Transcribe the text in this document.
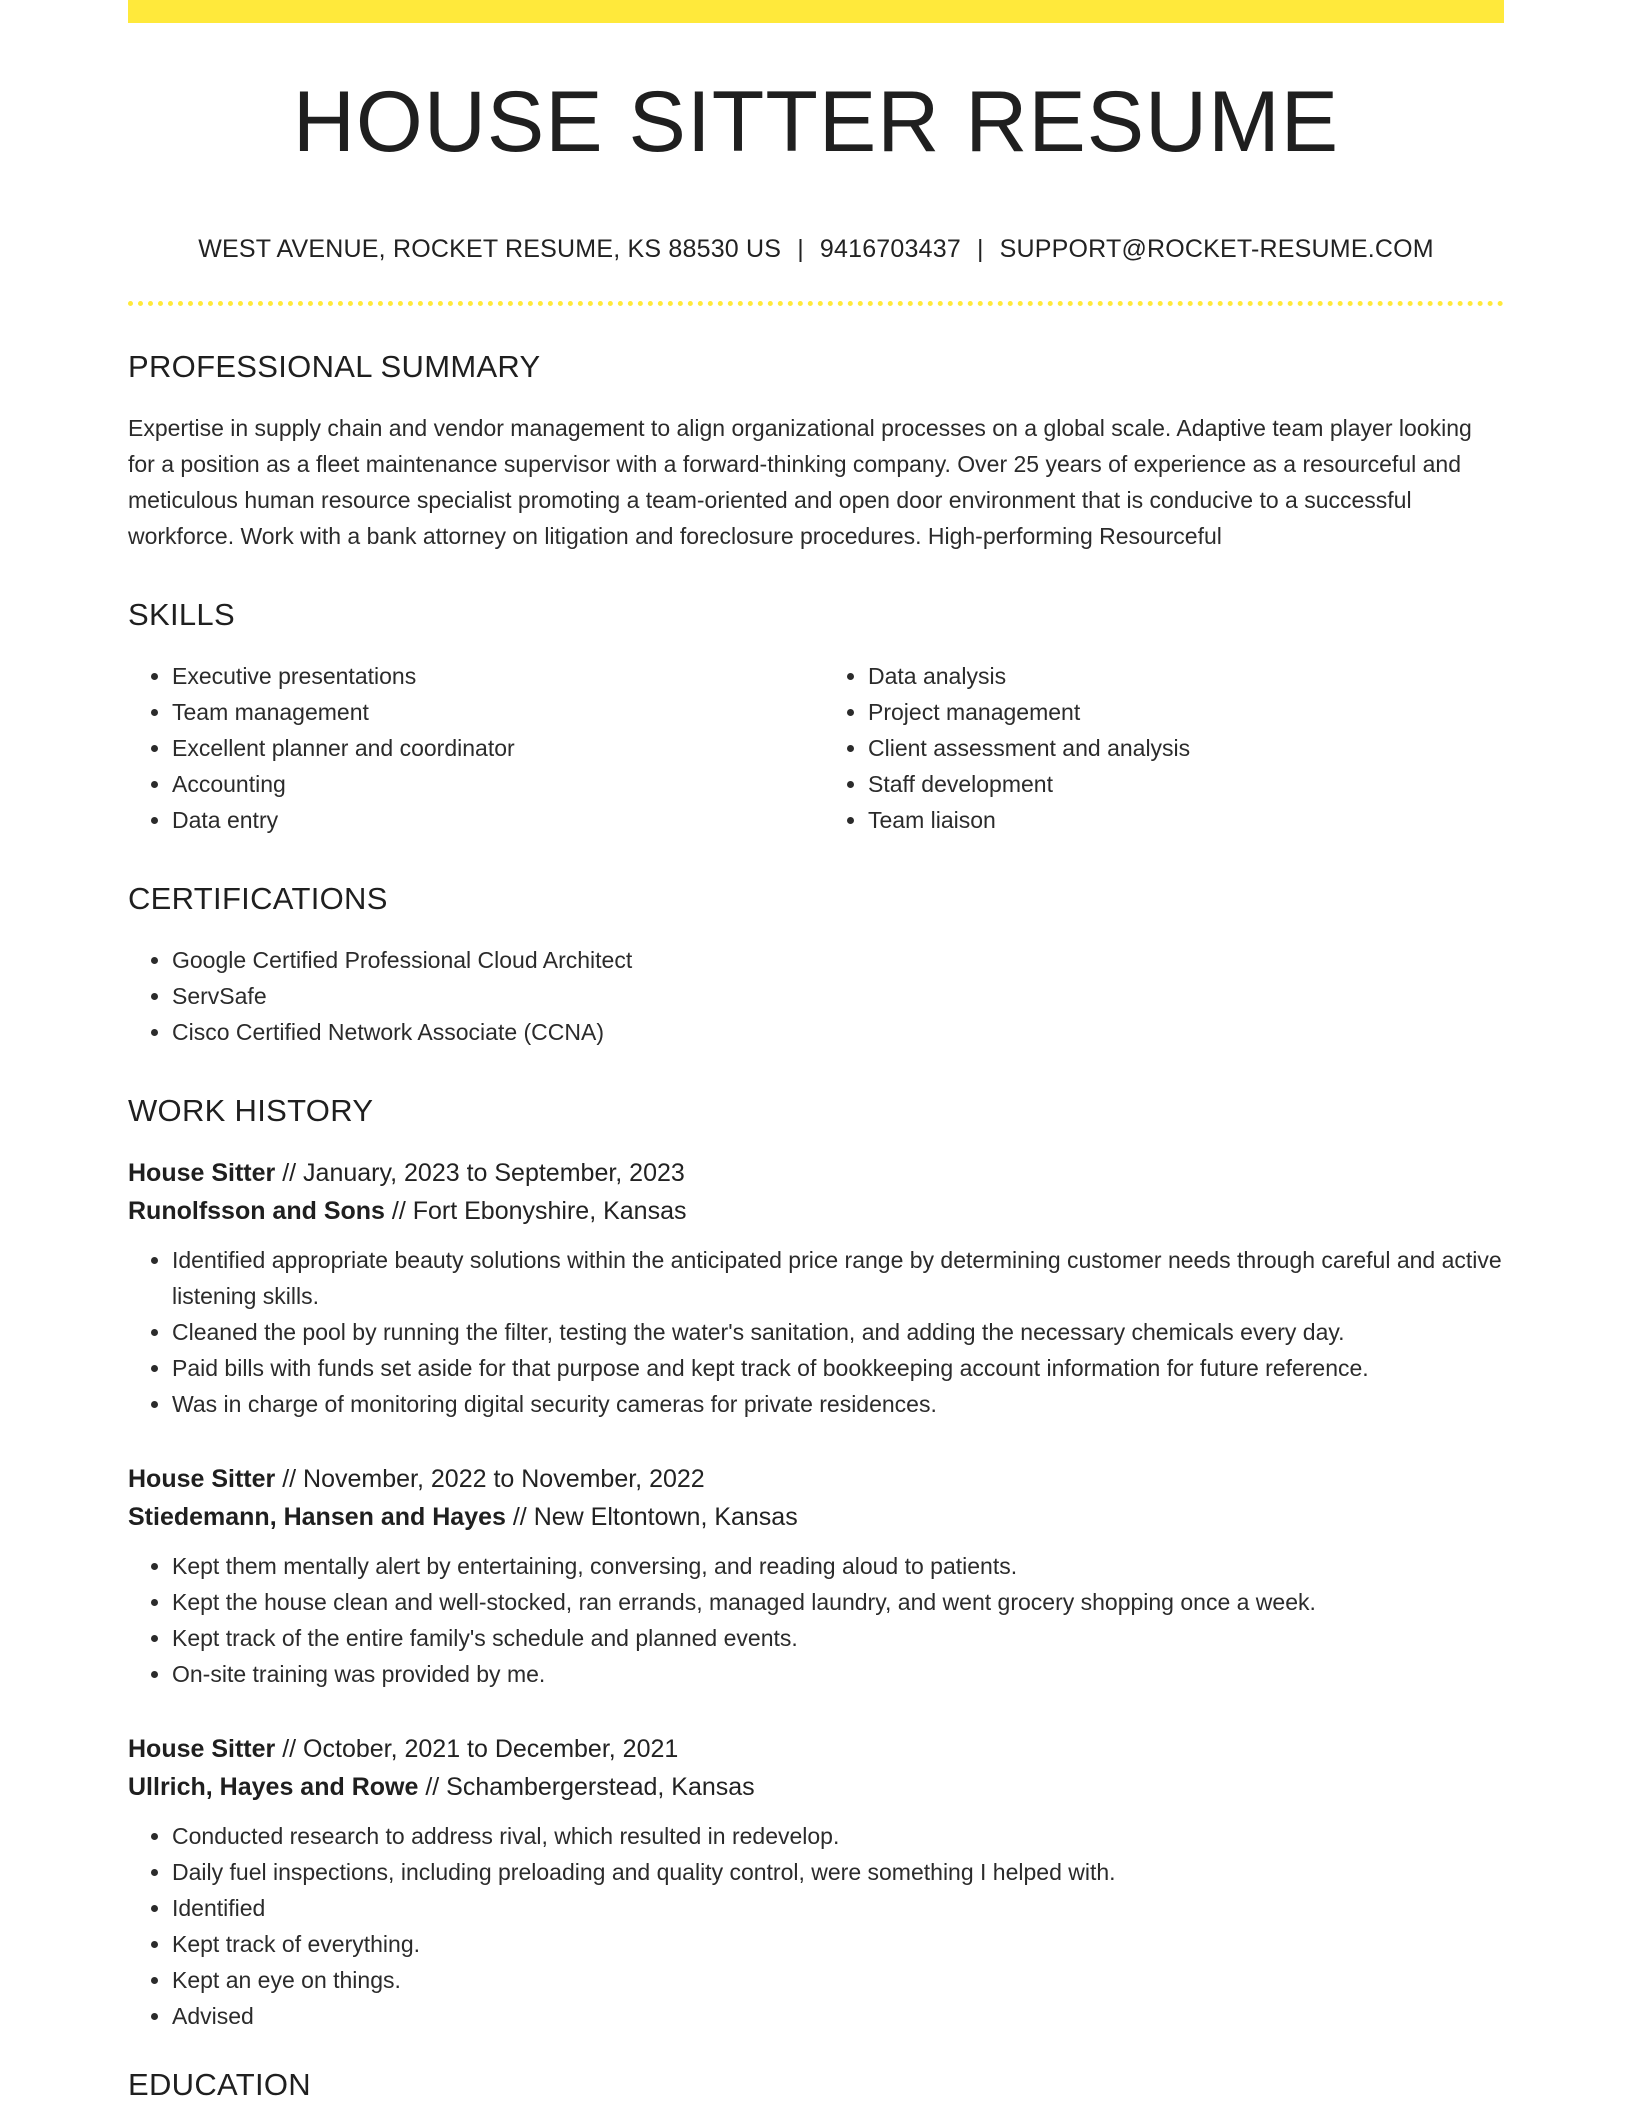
HOUSE SITTER RESUME
WEST AVENUE, ROCKET RESUME, KS 88530 US | 9416703437 | SUPPORT@ROCKET-RESUME.COM
PROFESSIONAL SUMMARY

Expertise in supply chain and vendor management to align organizational processes on a global scale. Adaptive team player looking for a position as a fleet maintenance supervisor with a forward-thinking company. Over 25 years of experience as a resourceful and meticulous human resource specialist promoting a team-oriented and open door environment that is conducive to a successful workforce. Work with a bank attorney on litigation and foreclosure procedures. High-performing Resourceful

SKILLS
• Executive presentations
• Team management
• Excellent planner and coordinator
• Accounting
• Data entry
• Data analysis
• Project management
• Client assessment and analysis
• Staff development
• Team liaison
CERTIFICATIONS
• Google Certified Professional Cloud Architect
• ServSafe
• Cisco Certified Network Associate (CCNA)
WORK HISTORY
House Sitter // January, 2023 to September, 2023
Runolfsson and Sons // Fort Ebonyshire, Kansas
• Identified appropriate beauty solutions within the anticipated price range by determining customer needs through careful and active listening skills.
• Cleaned the pool by running the filter, testing the water's sanitation, and adding the necessary chemicals every day.
• Paid bills with funds set aside for that purpose and kept track of bookkeeping account information for future reference.
• Was in charge of monitoring digital security cameras for private residences.
House Sitter // November, 2022 to November, 2022
Stiedemann, Hansen and Hayes // New Eltontown, Kansas
• Kept them mentally alert by entertaining, conversing, and reading aloud to patients.
• Kept the house clean and well-stocked, ran errands, managed laundry, and went grocery shopping once a week.
• Kept track of the entire family's schedule and planned events.
• On-site training was provided by me.
House Sitter // October, 2021 to December, 2021
Ullrich, Hayes and Rowe // Schambergerstead, Kansas
• Conducted research to address rival, which resulted in redevelop.
• Daily fuel inspections, including preloading and quality control, were something I helped with.
• Identified
• Kept track of everything.
• Kept an eye on things.
• Advised
EDUCATION
